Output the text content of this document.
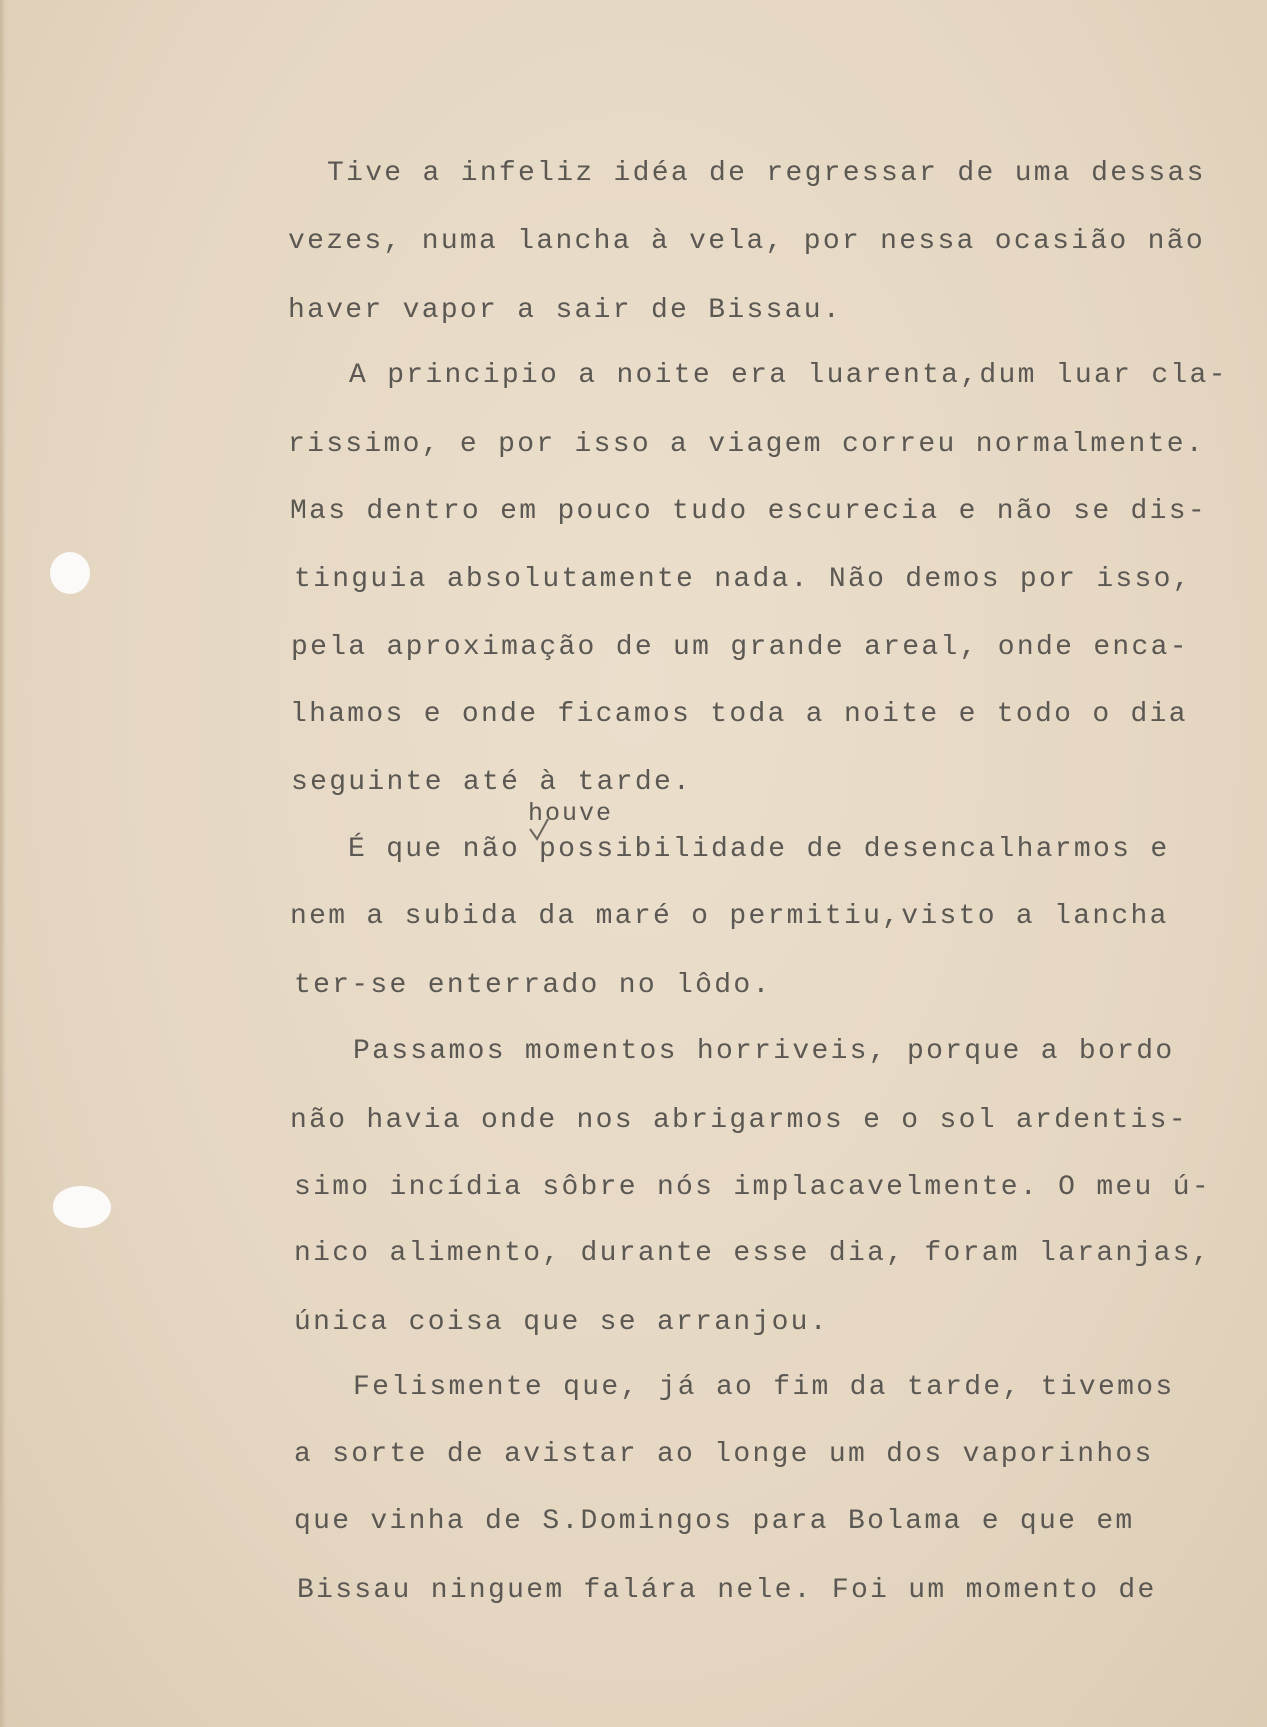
Tive a infeliz idéa de regressar de uma dessas
vezes, numa lancha à vela, por nessa ocasião não
haver vapor a sair de Bissau.
A principio a noite era luarenta,dum luar cla-
rissimo, e por isso a viagem correu normalmente.
Mas dentro em pouco tudo escurecia e não se dis-
tinguia absolutamente nada. Não demos por isso,
pela aproximação de um grande areal, onde enca-
lhamos e onde ficamos toda a noite e todo o dia
seguinte até à tarde.
houve
É que não possibilidade de desencalharmos e
nem a subida da maré o permitiu,visto a lancha
ter-se enterrado no lôdo.
Passamos momentos horriveis, porque a bordo
não havia onde nos abrigarmos e o sol ardentis-
simo incídia sôbre nós implacavelmente. O meu ú-
nico alimento, durante esse dia, foram laranjas,
única coisa que se arranjou.
Felismente que, já ao fim da tarde, tivemos
a sorte de avistar ao longe um dos vaporinhos
que vinha de S.Domingos para Bolama e que em
Bissau ninguem falára nele. Foi um momento de
